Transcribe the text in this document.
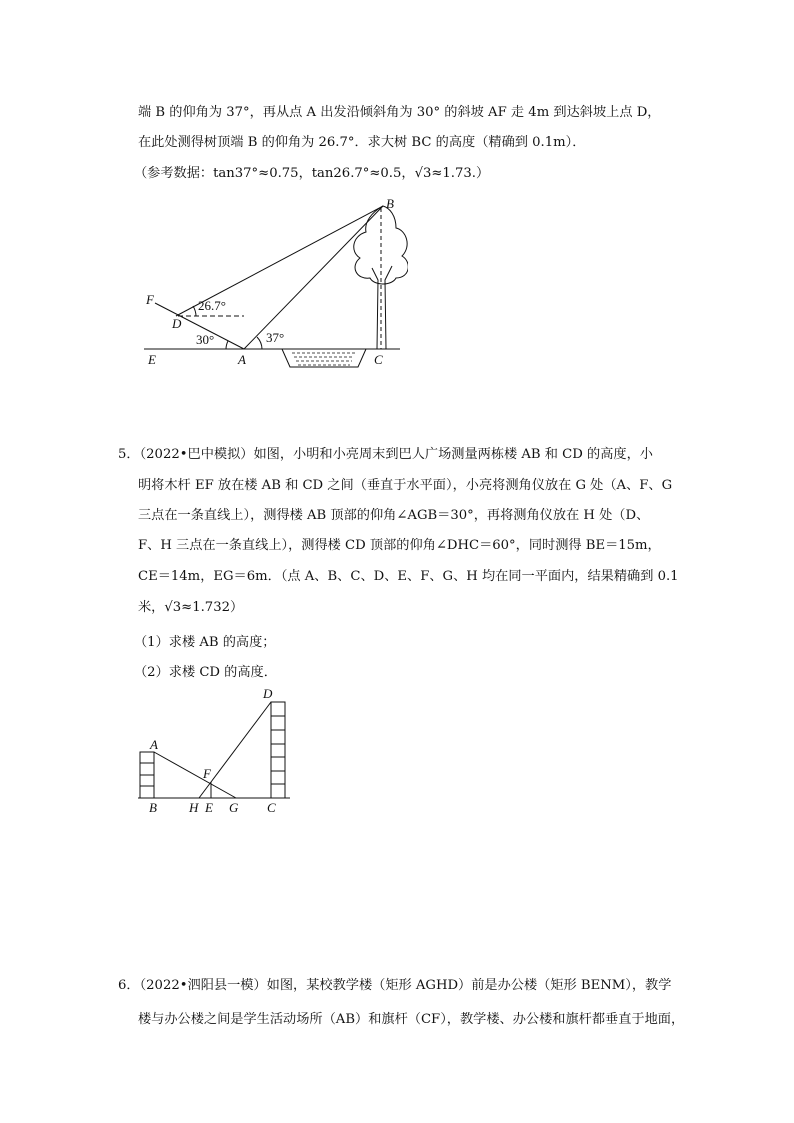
端 B 的仰角为 37°，再从点 A 出发沿倾斜角为 30° 的斜坡 AF 走 4m 到达斜坡上点 D，
在此处测得树顶端 B 的仰角为 26.7°．求大树 BC 的高度（精确到 0.1m）．
（参考数据：tan37°≈0.75，tan26.7°≈0.5，√3≈1.73.）
B
F
D
E	A	C
26.7°
30°	37°
5．（2022•巴中模拟）如图，小明和小亮周末到巴人广场测量两栋楼 AB 和 CD 的高度，小
明将木杆 EF 放在楼 AB 和 CD 之间（垂直于水平面），小亮将测角仪放在 G 处（A、F、G
三点在一条直线上），测得楼 AB 顶部的仰角∠AGB＝30°，再将测角仪放在 H 处（D、
F、H 三点在一条直线上），测得楼 CD 顶部的仰角∠DHC＝60°，同时测得 BE＝15m，
CE＝14m，EG＝6m．（点 A、B、C、D、E、F、G、H 均在同一平面内，结果精确到 0.1
米，√3≈1.732）
（1）求楼 AB 的高度；
（2）求楼 CD 的高度．
A
D
F
B H E G C
6．（2022•泗阳县一模）如图，某校教学楼（矩形 AGHD）前是办公楼（矩形 BENM），教学
楼与办公楼之间是学生活动场所（AB）和旗杆（CF），教学楼、办公楼和旗杆都垂直于地面，
